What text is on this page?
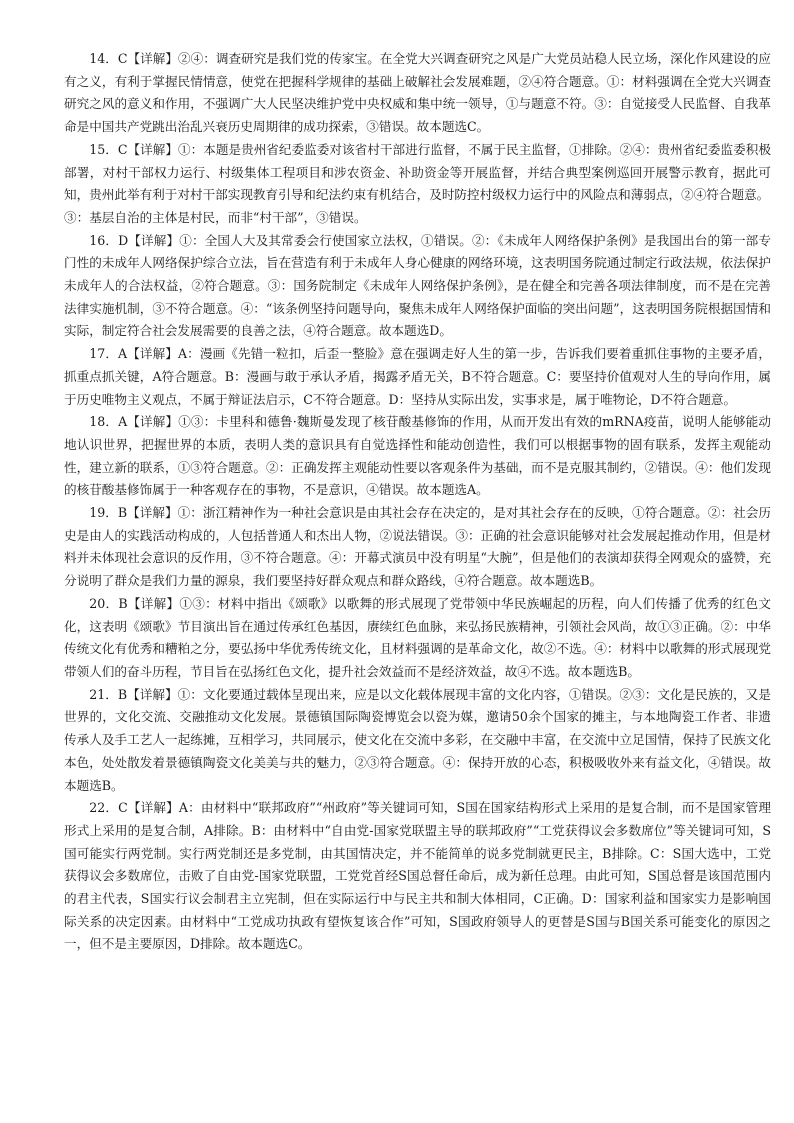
14．C【详解】②④：调查研究是我们党的传家宝。在全党大兴调查研究之风是广大党员站稳人民立场，深化作风建设的应有之义，有利于掌握民情情意，使党在把握科学规律的基础上破解社会发展难题，②④符合题意。①：材料强调在全党大兴调查研究之风的意义和作用，不强调广大人民坚决维护党中央权威和集中统一领导，①与题意不符。③：自觉接受人民监督、自我革命是中国共产党跳出治乱兴衰历史周期律的成功探索，③错误。故本题选C。

15．C【详解】①：本题是贵州省纪委监委对该省村干部进行监督，不属于民主监督，①排除。②④：贵州省纪委监委积极部署，对村干部权力运行、村级集体工程项目和涉农资金、补助资金等开展监督，并结合典型案例巡回开展警示教育，据此可知，贵州此举有利于对村干部实现教育引导和纪法约束有机结合，及时防控村级权力运行中的风险点和薄弱点，②④符合题意。

③：基层自治的主体是村民，而非“村干部”，③错误。

16．D【详解】①：全国人大及其常委会行使国家立法权，①错误。②：《未成年人网络保护条例》是我国出台的第一部专门性的未成年人网络保护综合立法，旨在营造有利于未成年人身心健康的网络环境，这表明国务院通过制定行政法规，依法保护未成年人的合法权益，②符合题意。③：国务院制定《未成年人网络保护条例》，是在健全和完善各项法律制度，而不是在完善法律实施机制，③不符合题意。④：“该条例坚持问题导向，聚焦未成年人网络保护面临的突出问题”，这表明国务院根据国情和实际，制定符合社会发展需要的良善之法，④符合题意。故本题选D。

17．A【详解】A：漫画《先错一粒扣，后歪一整脸》意在强调走好人生的第一步，告诉我们要着重抓住事物的主要矛盾，抓重点抓关键，A符合题意。B：漫画与敢于承认矛盾，揭露矛盾无关，B不符合题意。C：要坚持价值观对人生的导向作用，属于历史唯物主义观点，不属于辩证法启示，C不符合题意。D：坚持从实际出发，实事求是，属于唯物论，D不符合题意。

18．A【详解】①③：卡里科和德鲁·魏斯曼发现了核苷酸基修饰的作用，从而开发出有效的mRNA疫苗，说明人能够能动地认识世界，把握世界的本质，表明人类的意识具有自觉选择性和能动创造性，我们可以根据事物的固有联系，发挥主观能动性，建立新的联系，①③符合题意。②：正确发挥主观能动性要以客观条件为基础，而不是克服其制约，②错误。④：他们发现的核苷酸基修饰属于一种客观存在的事物，不是意识，④错误。故本题选A。

19．B【详解】①：浙江精神作为一种社会意识是由其社会存在决定的，是对其社会存在的反映，①符合题意。②：社会历史是由人的实践活动构成的，人包括普通人和杰出人物，②说法错误。③：正确的社会意识能够对社会发展起推动作用，但是材料并未体现社会意识的反作用，③不符合题意。④：开幕式演员中没有明星“大腕”，但是他们的表演却获得全网观众的盛赞，充分说明了群众是我们力量的源泉，我们要坚持好群众观点和群众路线，④符合题意。故本题选B。

20．B【详解】①③：材料中指出《颂歌》以歌舞的形式展现了党带领中华民族崛起的历程，向人们传播了优秀的红色文化，这表明《颂歌》节目演出旨在通过传承红色基因，赓续红色血脉，来弘扬民族精神，引领社会风尚，故①③正确。②：中华传统文化有优秀和糟粕之分，要弘扬中华优秀传统文化，且材料强调的是革命文化，故②不选。④：材料中以歌舞的形式展现党带领人们的奋斗历程，节目旨在弘扬红色文化，提升社会效益而不是经济效益，故④不选。故本题选B。

21．B【详解】①：文化要通过载体呈现出来，应是以文化载体展现丰富的文化内容，①错误。②③：文化是民族的，又是世界的，文化交流、交融推动文化发展。景德镇国际陶瓷博览会以瓷为媒，邀请50余个国家的摊主，与本地陶瓷工作者、非遗传承人及手工艺人一起练摊，互相学习，共同展示，使文化在交流中多彩，在交融中丰富，在交流中立足国情，保持了民族文化本色，处处散发着景德镇陶瓷文化美美与共的魅力，②③符合题意。④：保持开放的心态，积极吸收外来有益文化，④错误。故本题选B。

22．C【详解】A：由材料中“联邦政府”“州政府”等关键词可知，S国在国家结构形式上采用的是复合制，而不是国家管理形式上采用的是复合制，A排除。B：由材料中“自由党-国家党联盟主导的联邦政府”“工党获得议会多数席位”等关键词可知，S国可能实行两党制。实行两党制还是多党制，由其国情决定，并不能简单的说多党制就更民主，B排除。C：S国大选中，工党获得议会多数席位，击败了自由党-国家党联盟，工党党首经S国总督任命后，成为新任总理。由此可知，S国总督是该国范围内的君主代表，S国实行议会制君主立宪制，但在实际运行中与民主共和制大体相同，C正确。D：国家利益和国家实力是影响国际关系的决定因素。由材料中“工党成功执政有望恢复该合作”可知，S国政府领导人的更替是S国与B国关系可能变化的原因之一，但不是主要原因，D排除。故本题选C。
